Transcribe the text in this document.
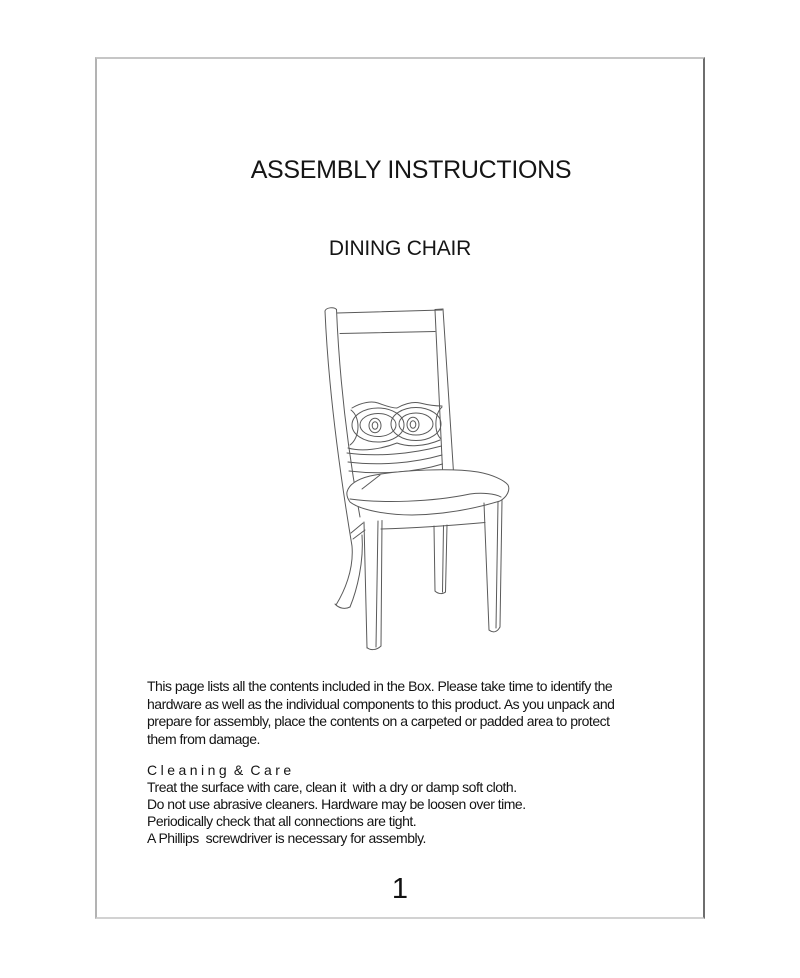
ASSEMBLY INSTRUCTIONS
DINING CHAIR
This page lists all the contents included in the Box. Please take time to identify the
hardware as well as the individual components to this product. As you unpack and
prepare for assembly, place the contents on a carpeted or padded area to protect
them from damage.
C l e a n i n g  &  C a r e
Treat the surface with care, clean it  with a dry or damp soft cloth.
Do not use abrasive cleaners. Hardware may be loosen over time.
Periodically check that all connections are tight.
A Phillips  screwdriver is necessary for assembly.
1
